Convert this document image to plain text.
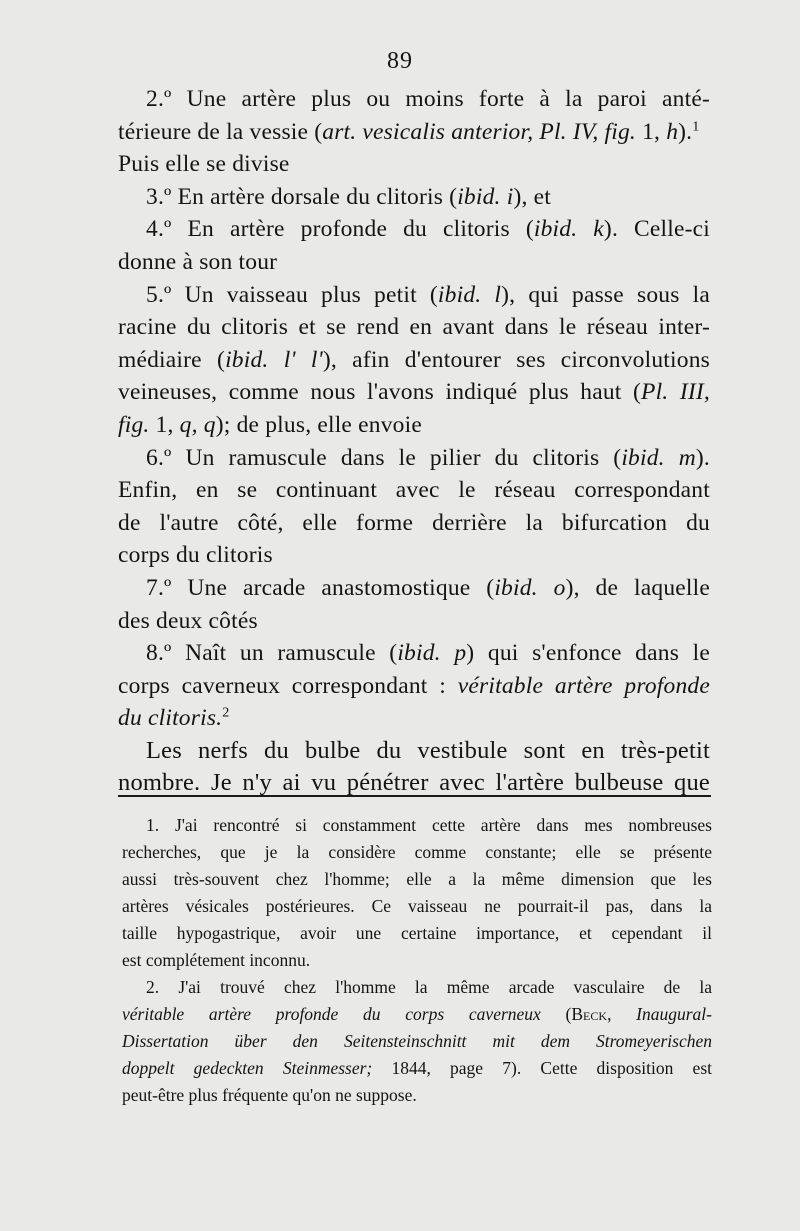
89
2.º Une artère plus ou moins forte à la paroi anté-
térieure de la vessie (art. vesicalis anterior, Pl. IV, fig. 1, h).$^1$
Puis elle se divise
3.º En artère dorsale du clitoris (ibid. i), et
4.º En artère profonde du clitoris (ibid. k). Celle-ci
donne à son tour
5.º Un vaisseau plus petit (ibid. l), qui passe sous la
racine du clitoris et se rend en avant dans le réseau inter-
médiaire (ibid. l' l'), afin d'entourer ses circonvolutions
veineuses, comme nous l'avons indiqué plus haut (Pl. III,
fig. 1, q, q); de plus, elle envoie
6.º Un ramuscule dans le pilier du clitoris (ibid. m).
Enfin, en se continuant avec le réseau correspondant
de l'autre côté, elle forme derrière la bifurcation du
corps du clitoris
7.º Une arcade anastomostique (ibid. o), de laquelle
des deux côtés
8.º Naît un ramuscule (ibid. p) qui s'enfonce dans le
corps caverneux correspondant : véritable artère profonde
du clitoris.$^2$
Les nerfs du bulbe du vestibule sont en très-petit
nombre. Je n'y ai vu pénétrer avec l'artère bulbeuse que
1. J'ai rencontré si constamment cette artère dans mes nombreuses
recherches, que je la considère comme constante; elle se présente
aussi très-souvent chez l'homme; elle a la même dimension que les
artères vésicales postérieures. Ce vaisseau ne pourrait-il pas, dans la
taille hypogastrique, avoir une certaine importance, et cependant il
est complétement inconnu.
2. J'ai trouvé chez l'homme la même arcade vasculaire de la
véritable artère profonde du corps caverneux (Beck, Inaugural-
Dissertation über den Seitensteinschnitt mit dem Stromeyerischen
doppelt gedeckten Steinmesser; 1844, page 7). Cette disposition est
peut-être plus fréquente qu'on ne suppose.
